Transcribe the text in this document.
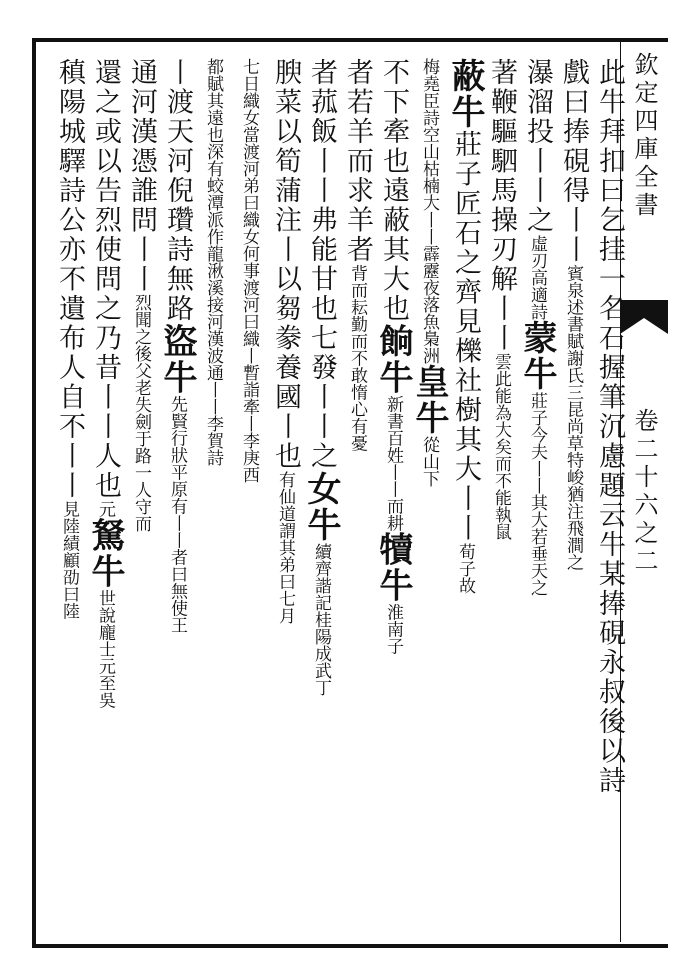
欽定四庫全書
卷二十六之二
此牛拜扣曰乞挂一名石握筆沉慮題云牛某捧硯永叔後以詩
戲曰捧硯得丨丨賓泉述書賦謝氏三昆尚草特峻猶注飛澗之
瀑溜投丨丨之虛刃高適詩蒙牛莊子今夫丨丨其大若垂天之
著鞭驅駟馬操刃解丨丨雲此能為大矣而不能執鼠
蔽牛莊子匠石之齊見櫟社樹其大丨丨荀子故
梅堯臣詩空山枯楠大丨丨霹靂夜落魚梟洲皇牛從山下
不下牽也遠蔽其大也餉牛新書百姓丨丨而耕犢牛淮南子
者若羊而求羊者背而耘勤而不敢惰心有憂
者菰飯丨丨弗能甘也七發丨丨之女牛續齊諧記桂陽成武丁
腴菜以筍蒲注丨以芻豢養國丨也有仙道謂其弟曰七月
七日織女當渡河弟曰織女何事渡河曰織丨暫詣牽丨李庚西
都賦其遠也深有蛟潭派作龍湫溪接河漢波通丨丨李賀詩
丨渡天河倪瓚詩無路盜牛先賢行狀平原有丨丨者曰無使王
通河漢憑誰問丨丨烈聞之後父老失劍于路一人守而
還之或以告烈使問之乃昔丨丨人也元駑牛世說龐士元至吳
稹陽城驛詩公亦不遺布人自不丨丨見陸績顧劭曰陸
